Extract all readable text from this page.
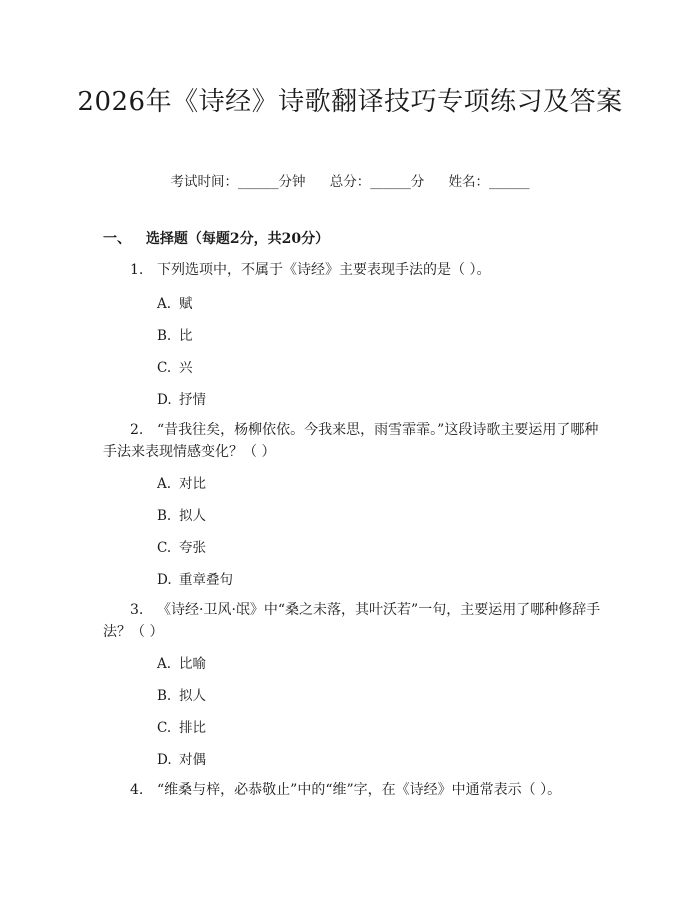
2026年《诗经》诗歌翻译技巧专项练习及答案
考试时间：______分钟 总分：______分 姓名：______
一、 选择题（每题2分，共20分）
1. 下列选项中，不属于《诗经》主要表现手法的是（ ）。
A. 赋
B. 比
C. 兴
D. 抒情
2. “昔我往矣，杨柳依依。今我来思，雨雪霏霏。”这段诗歌主要运用了哪种手法来表现情感变化？（ ）
A. 对比
B. 拟人
C. 夸张
D. 重章叠句
3. 《诗经·卫风·氓》中“桑之未落，其叶沃若”一句，主要运用了哪种修辞手法？（ ）
A. 比喻
B. 拟人
C. 排比
D. 对偶
4. “维桑与梓，必恭敬止”中的“维”字，在《诗经》中通常表示（ ）。
